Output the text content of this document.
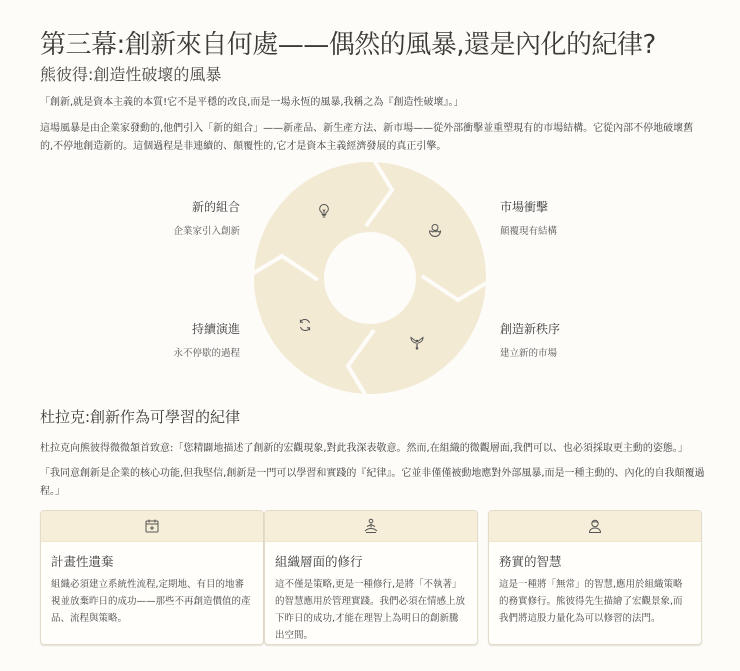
第三幕:創新來自何處——偶然的風暴,還是內化的紀律?
熊彼得:創造性破壞的風暴
「創新,就是資本主義的本質!它不是平穩的改良,而是一場永恆的風暴,我稱之為『創造性破壞』。」
這場風暴是由企業家發動的,他們引入「新的組合」——新產品、新生產方法、新市場——從外部衝擊並重塑現有的市場結構。它從內部不停地破壞舊的,不停地創造新的。這個過程是非連續的、顛覆性的,它才是資本主義經濟發展的真正引擎。
新的組合
企業家引入創新
市場衝擊
顛覆現有結構
創造新秩序
建立新的市場
持續演進
永不停歇的過程
杜拉克:創新作為可學習的紀律
杜拉克向熊彼得微微頷首致意:「您精闢地描述了創新的宏觀現象,對此我深表敬意。然而,在組織的微觀層面,我們可以、也必須採取更主動的姿態。」
「我同意創新是企業的核心功能,但我堅信,創新是一門可以學習和實踐的『紀律』。它並非僅僅被動地應對外部風暴,而是一種主動的、內化的自我顛覆過程。」
計畫性遺棄
組織必須建立系統性流程,定期地、有目的地審視並放棄昨日的成功——那些不再創造價值的產品、流程與策略。
組織層面的修行
這不僅是策略,更是一種修行,是將「不執著」的智慧應用於管理實踐。我們必須在情感上放下昨日的成功,才能在理智上為明日的創新騰出空間。
務實的智慧
這是一種將「無常」的智慧,應用於組織策略的務實修行。熊彼得先生描繪了宏觀景象,而我們將這股力量化為可以修習的法門。
